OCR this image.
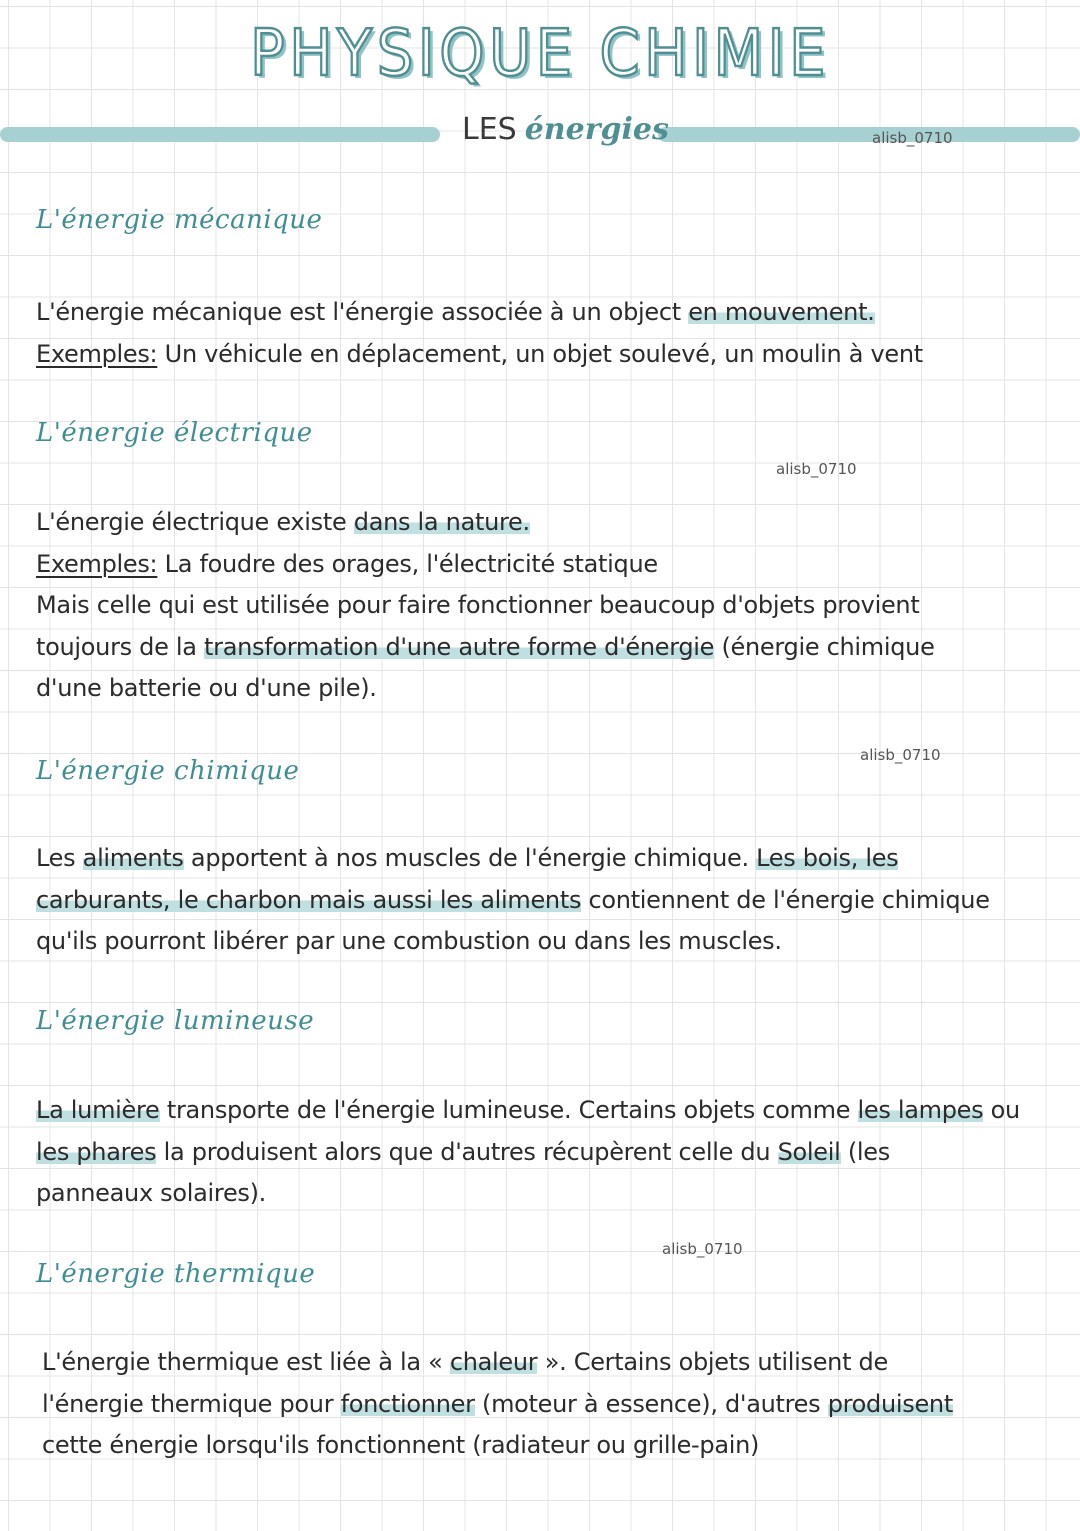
PHYSIQUE CHIMIE
LES énergies	alisb_0710
L'énergie mécanique
L'énergie mécanique est l'énergie associée à un object en mouvement.
Exemples: Un véhicule en déplacement, un objet soulevé, un moulin à vent
L'énergie électrique
alisb_0710
L'énergie électrique existe dans la nature.
Exemples: La foudre des orages, l'électricité statique
Mais celle qui est utilisée pour faire fonctionner beaucoup d'objets provient
toujours de la transformation d'une autre forme d'énergie (énergie chimique
d'une batterie ou d'une pile).
alisb_0710
L'énergie chimique
Les aliments apportent à nos muscles de l'énergie chimique. Les bois, les
carburants, le charbon mais aussi les aliments contiennent de l'énergie chimique
qu'ils pourront libérer par une combustion ou dans les muscles.
L'énergie lumineuse
La lumière transporte de l'énergie lumineuse. Certains objets comme les lampes ou
les phares la produisent alors que d'autres récupèrent celle du Soleil (les
panneaux solaires).
alisb_0710
L'énergie thermique
L'énergie thermique est liée à la « chaleur ». Certains objets utilisent de
l'énergie thermique pour fonctionner (moteur à essence), d'autres produisent
cette énergie lorsqu'ils fonctionnent (radiateur ou grille-pain)
